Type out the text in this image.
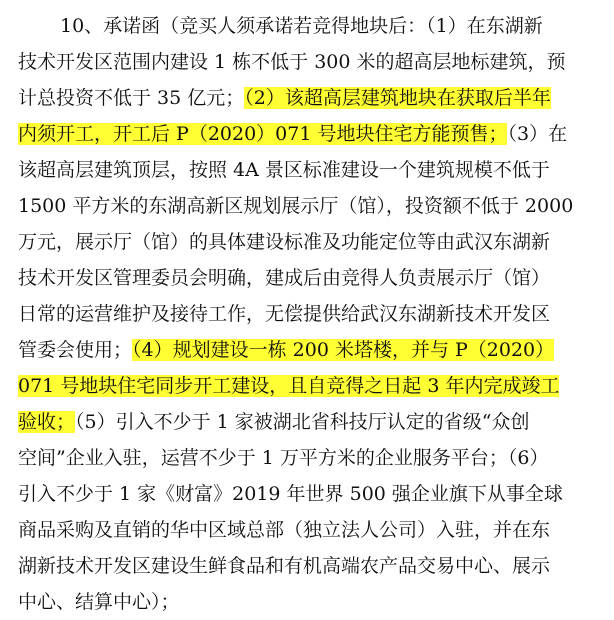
10、承诺函（竞买人须承诺若竞得地块后：（1）在东湖新
技术开发区范围内建设 1 栋不低于 300 米的超高层地标建筑，预
计总投资不低于 35 亿元；（2）该超高层建筑地块在获取后半年
内须开工，开工后 P（2020）071 号地块住宅方能预售；（3）在
该超高层建筑顶层，按照 4A 景区标准建设一个建筑规模不低于
1500 平方米的东湖高新区规划展示厅（馆），投资额不低于 2000
万元，展示厅（馆）的具体建设标准及功能定位等由武汉东湖新
技术开发区管理委员会明确，建成后由竞得人负责展示厅（馆）
日常的运营维护及接待工作，无偿提供给武汉东湖新技术开发区
管委会使用；（4）规划建设一栋 200 米塔楼，并与 P（2020）
071 号地块住宅同步开工建设，且自竞得之日起 3 年内完成竣工
验收；（5）引入不少于 1 家被湖北省科技厅认定的省级“众创
空间”企业入驻，运营不少于 1 万平方米的企业服务平台；（6）
引入不少于 1 家《财富》2019 年世界 500 强企业旗下从事全球
商品采购及直销的华中区域总部（独立法人公司）入驻，并在东
湖新技术开发区建设生鲜食品和有机高端农产品交易中心、展示
中心、结算中心）；
